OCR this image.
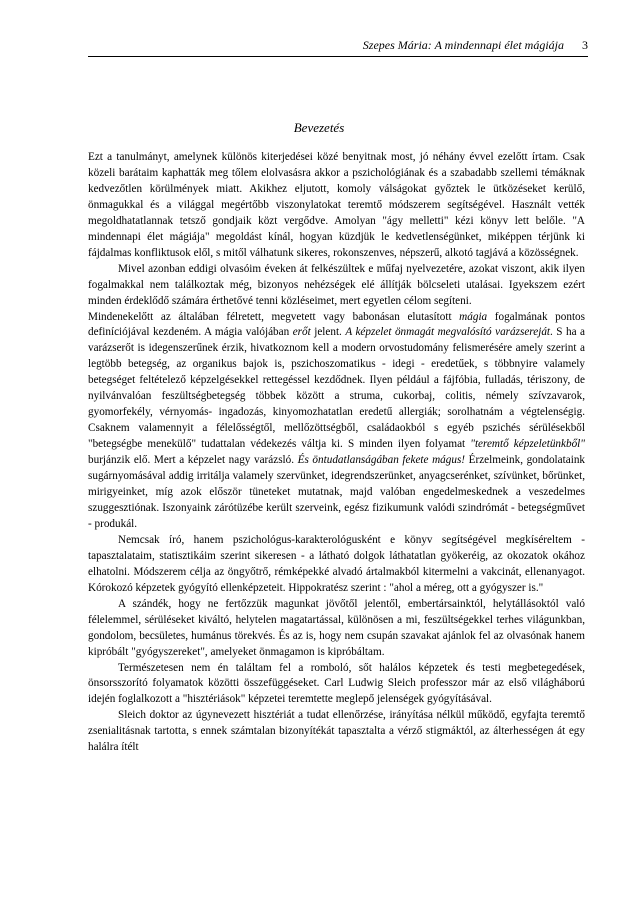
Szepes Mária: A mindennapi élet mágiája 3
Bevezetés

Ezt a tanulmányt, amelynek különös kiterjedései közé benyitnak most, jó néhány évvel ezelőtt írtam. Csak közeli barátaim kaphatták meg tőlem elolvasásra akkor a pszichológiának és a szabadabb szellemi témáknak kedvezőtlen körülmények miatt. Akikhez eljutott, komoly válságokat győztek le ütközéseket kerülő, önmagukkal és a világgal megértőbb viszonylatokat teremtő módszerem segítségével. Használt vették megoldhatatlannak tetsző gondjaik közt vergődve. Amolyan "ágy melletti" kézi könyv lett belőle. "A mindennapi élet mágiája" megoldást kínál, hogyan küzdjük le kedvetlenségünket, miképpen térjünk ki fájdalmas konfliktusok elől, s mitől válhatunk sikeres, rokonszenves, népszerű, alkotó tagjává a közösségnek.

Mivel azonban eddigi olvasóim éveken át felkészültek e műfaj nyelvezetére, azokat viszont, akik ilyen fogalmakkal nem találkoztak még, bizonyos nehézségek elé állítják bölcseleti utalásai. Igyekszem ezért minden érdeklődő számára érthetővé tenni közléseimet, mert egyetlen célom segíteni.

Mindenekelőtt az általában félretett, megvetett vagy babonásan elutasított mágia fogalmának pontos definíciójával kezdeném. A mágia valójában erőt jelent. A képzelet önmagát megvalósító varázsereját. S ha a varázserőt is idegenszerűnek érzik, hivatkoznom kell a modern orvostudomány felismerésére amely szerint a legtöbb betegség, az organikus bajok is, pszichoszomatikus - idegi - eredetűek, s többnyire valamely betegséget feltételező képzelgésekkel rettegéssel kezdődnek. Ilyen például a fájfóbia, fulladás, tériszony, de nyilvánvalóan feszültségbetegség többek között a struma, cukorbaj, colitis, némely szívzavarok, gyomorfekély, vérnyomás- ingadozás, kinyomozhatatlan eredetű allergiák; sorolhatnám a végtelenségig. Csaknem valamennyit a félelősségtől, mellőzöttségből, családaokból s egyéb pszichés sérülésekből "betegségbe menekülő" tudattalan védekezés váltja ki. S minden ilyen folyamat "teremtő képzeletünkből" burjánzik elő. Mert a képzelet nagy varázsló. És öntudatlanságában fekete mágus! Érzelmeink, gondolataink sugárnyomásával addig irritálja valamely szervünket, idegrendszerünket, anyagcserénket, szívünket, bőrünket, mirigyeinket, míg azok először tüneteket mutatnak, majd valóban engedelmeskednek a veszedelmes szuggesztiónak. Iszonyaink zárótüzébe került szerveink, egész fizikumunk valódi szindrómát - betegségművet - produkál.

Nemcsak író, hanem pszichológus-karakterológusként e könyv segítségével megkíséreltem - tapasztalataim, statisztikáim szerint sikeresen - a látható dolgok láthatatlan gyökeréig, az okozatok okához elhatolni. Módszerem célja az öngyőtrő, rémképekké alvadó ártalmakból kitermelni a vakcinát, ellenanyagot. Kórokozó képzetek gyógyító ellenképzeteit. Hippokratész szerint : "ahol a méreg, ott a gyógyszer is."

A szándék, hogy ne fertőzzük magunkat jövőtől jelentől, embertársainktól, helytállásoktól való félelemmel, sérüléseket kiváltó, helytelen magatartással, különösen a mi, feszültségekkel terhes világunkban, gondolom, becsületes, humánus törekvés. És az is, hogy nem csupán szavakat ajánlok fel az olvasónak hanem kipróbált "gyógyszereket", amelyeket önmagamon is kipróbáltam.

Természetesen nem én találtam fel a romboló, sőt halálos képzetek és testi megbetegedések, önsorsszorító folyamatok közötti összefüggéseket. Carl Ludwig Sleich professzor már az első világháború idején foglalkozott a "hisztériások" képzetei teremtette meglepő jelenségek gyógyításával.

Sleich doktor az úgynevezett hisztériát a tudat ellenőrzése, irányítása nélkül működő, egyfajta teremtő zsenialitásnak tartotta, s ennek számtalan bizonyítékát tapasztalta a vérző stigmáktól, az álterhességen át egy halálra ítélt
